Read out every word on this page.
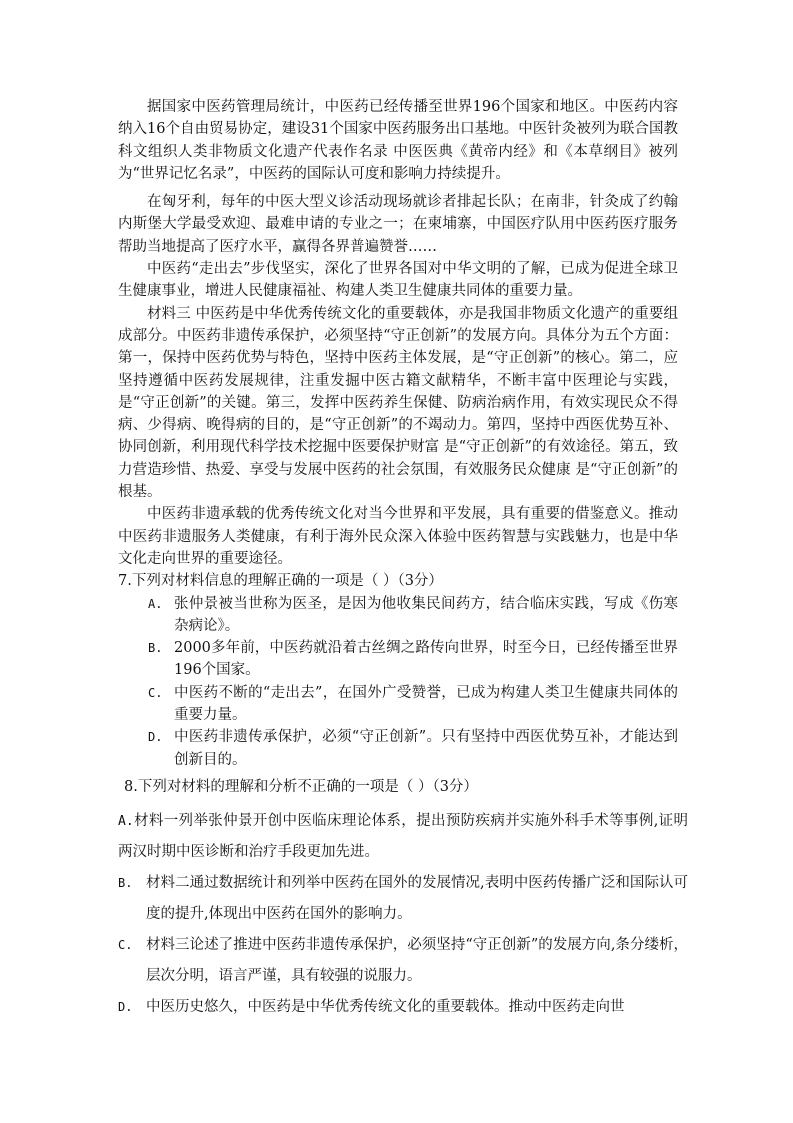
据国家中医药管理局统计，中医药已经传播至世界196个国家和地区。中医药内容纳入16个自由贸易协定，建设31个国家中医药服务出口基地。中医针灸被列为联合国教科文组织人类非物质文化遗产代表作名录 中医医典《黄帝内经》和《本草纲目》被列为“世界记忆名录”，中医药的国际认可度和影响力持续提升。

在匈牙利，每年的中医大型义诊活动现场就诊者排起长队；在南非，针灸成了约翰内斯堡大学最受欢迎、最难申请的专业之一；在柬埔寨，中国医疗队用中医药医疗服务帮助当地提高了医疗水平，赢得各界普遍赞誉……

中医药“走出去”步伐坚实，深化了世界各国对中华文明的了解，已成为促进全球卫生健康事业，增进人民健康福祉、构建人类卫生健康共同体的重要力量。

材料三 中医药是中华优秀传统文化的重要载体，亦是我国非物质文化遗产的重要组成部分。中医药非遗传承保护，必须坚持“守正创新”的发展方向。具体分为五个方面：第一，保持中医药优势与特色，坚持中医药主体发展，是“守正创新”的核心。第二，应坚持遵循中医药发展规律，注重发掘中医古籍文献精华，不断丰富中医理论与实践，是“守正创新”的关键。第三，发挥中医药养生保健、防病治病作用，有效实现民众不得病、少得病、晚得病的目的，是“守正创新”的不竭动力。第四，坚持中西医优势互补、协同创新，利用现代科学技术挖掘中医要保护财富 是“守正创新”的有效途径。第五，致力营造珍惜、热爱、享受与发展中医药的社会氛围，有效服务民众健康 是“守正创新”的根基。

中医药非遗承载的优秀传统文化对当今世界和平发展，具有重要的借鉴意义。推动中医药非遗服务人类健康，有利于海外民众深入体验中医药智慧与实践魅力，也是中华文化走向世界的重要途径。

7.下列对材料信息的理解正确的一项是（ ）（3分）

A. 张仲景被当世称为医圣，是因为他收集民间药方，结合临床实践，写成《伤寒杂病论》。

B. 2000多年前，中医药就沿着古丝绸之路传向世界，时至今日，已经传播至世界196个国家。

C. 中医药不断的“走出去”，在国外广受赞誉，已成为构建人类卫生健康共同体的重要力量。

D. 中医药非遗传承保护，必须“守正创新”。只有坚持中西医优势互补，才能达到创新目的。

8.下列对材料的理解和分析不正确的一项是（ ）（3分）

A.材料一列举张仲景开创中医临床理论体系，提出预防疾病并实施外科手术等事例,证明两汉时期中医诊断和治疗手段更加先进。

B. 材料二通过数据统计和列举中医药在国外的发展情况,表明中医药传播广泛和国际认可度的提升,体现出中医药在国外的影响力。

C. 材料三论述了推进中医药非遗传承保护，必须坚持“守正创新”的发展方向,条分缕析，层次分明，语言严谨，具有较强的说服力。

D. 中医历史悠久，中医药是中华优秀传统文化的重要载体。推动中医药走向世
